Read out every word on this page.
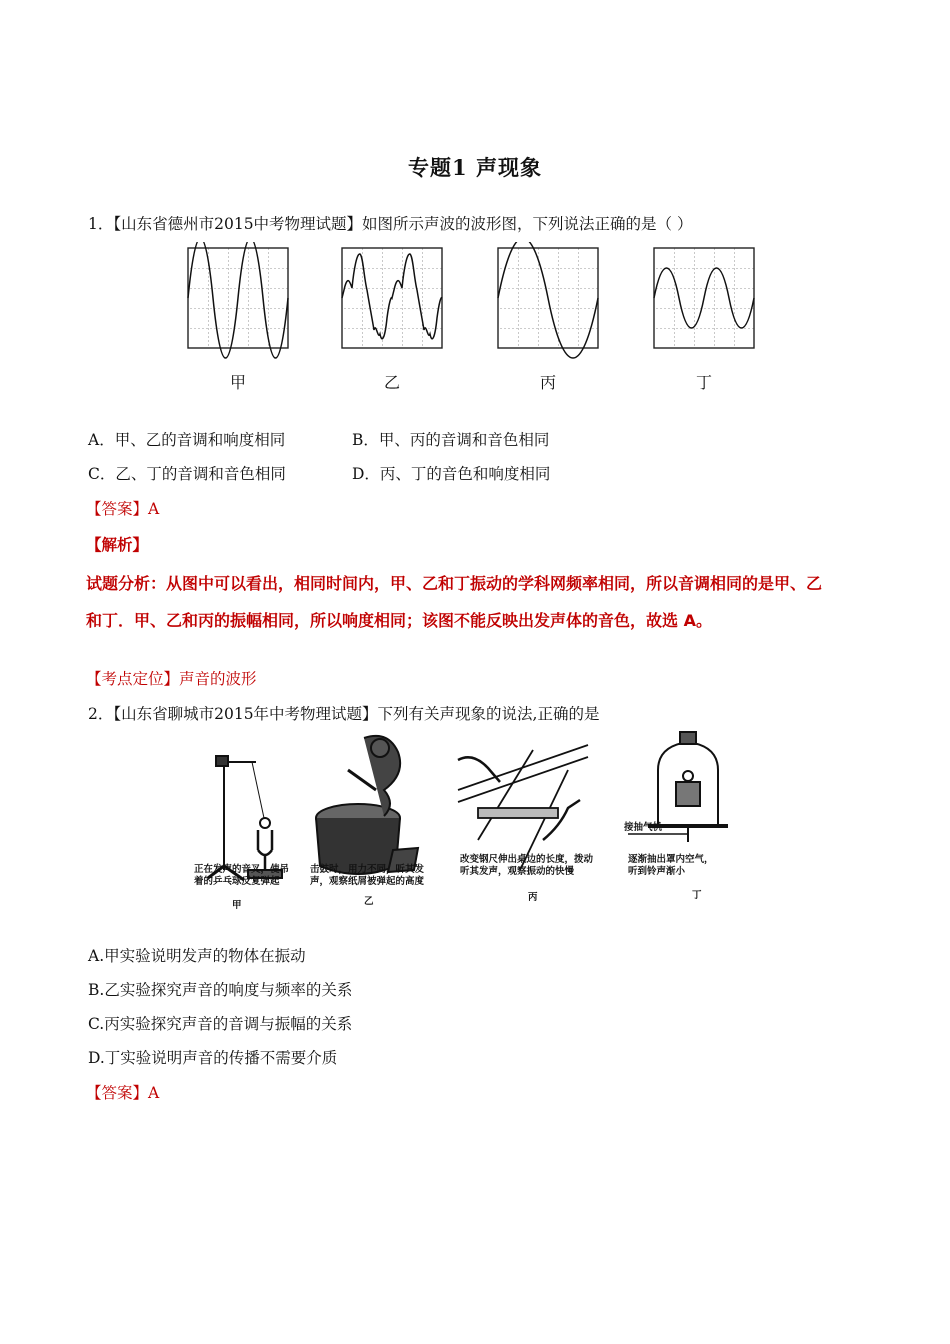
专题1 声现象
1．【山东省德州市2015中考物理试题】如图所示声波的波形图，下列说法正确的是（ ）
甲	乙	丙	丁
A．甲、乙的音调和响度相同	B．甲、丙的音调和音色相同
C．乙、丁的音调和音色相同	D．丙、丁的音色和响度相同
【答案】A
【解析】
试题分析：从图中可以看出，相同时间内，甲、乙和丁振动的学科网频率相同，所以音调相同的是甲、乙
和丁．甲、乙和丙的振幅相同，所以响度相同；该图不能反映出发声体的音色，故选 A。
【考点定位】声音的波形
2．【山东省聊城市2015年中考物理试题】下列有关声现象的说法,正确的是
正在发声的音叉，使吊
着的乒乓球反复弹起
击鼓时，用力不同，听其发
声，观察纸屑被弹起的高度
改变钢尺伸出桌边的长度，拨动
听其发声，观察振动的快慢
逐渐抽出罩内空气，
听到铃声渐小
接抽气机
甲	乙	丙	丁
A.甲实验说明发声的物体在振动
B.乙实验探究声音的响度与频率的关系
C.丙实验探究声音的音调与振幅的关系
D.丁实验说明声音的传播不需要介质
【答案】A
